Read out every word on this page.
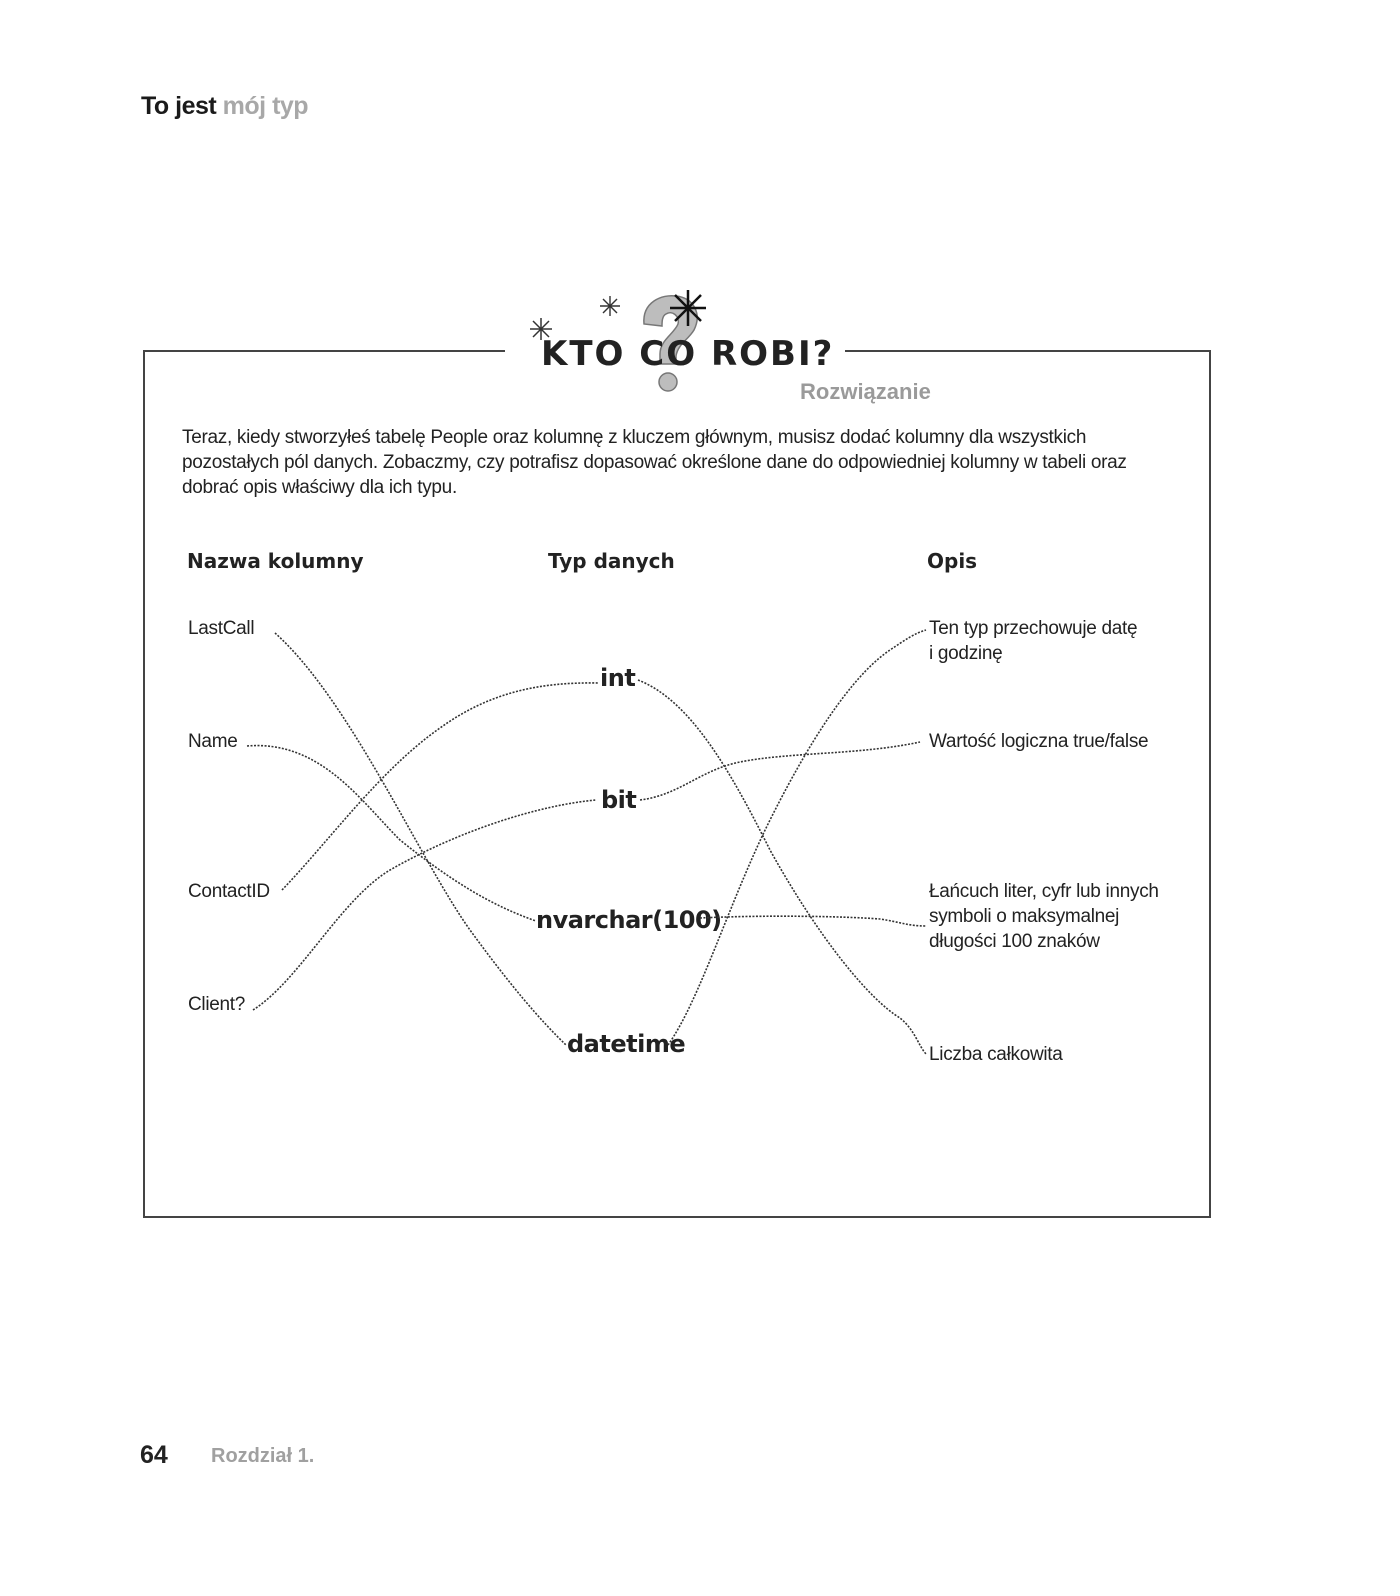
To jest mój typ
KTO CO ROBI?
Rozwiązanie
Teraz, kiedy stworzyłeś tabelę People oraz kolumnę z kluczem głównym, musisz dodać kolumny dla wszystkich pozostałych pól danych. Zobaczmy, czy potrafisz dopasować określone dane do odpowiedniej kolumny w tabeli oraz dobrać opis właściwy dla ich typu.
Nazwa kolumny	Typ danych	Opis
LastCall
Name
ContactID
Client?
int
bit
nvarchar(100)
datetime
Ten typ przechowuje datę i godzinę
Wartość logiczna true/false
Łańcuch liter, cyfr lub innych symboli o maksymalnej długości 100 znaków
Liczba całkowita
64 Rozdział 1.
